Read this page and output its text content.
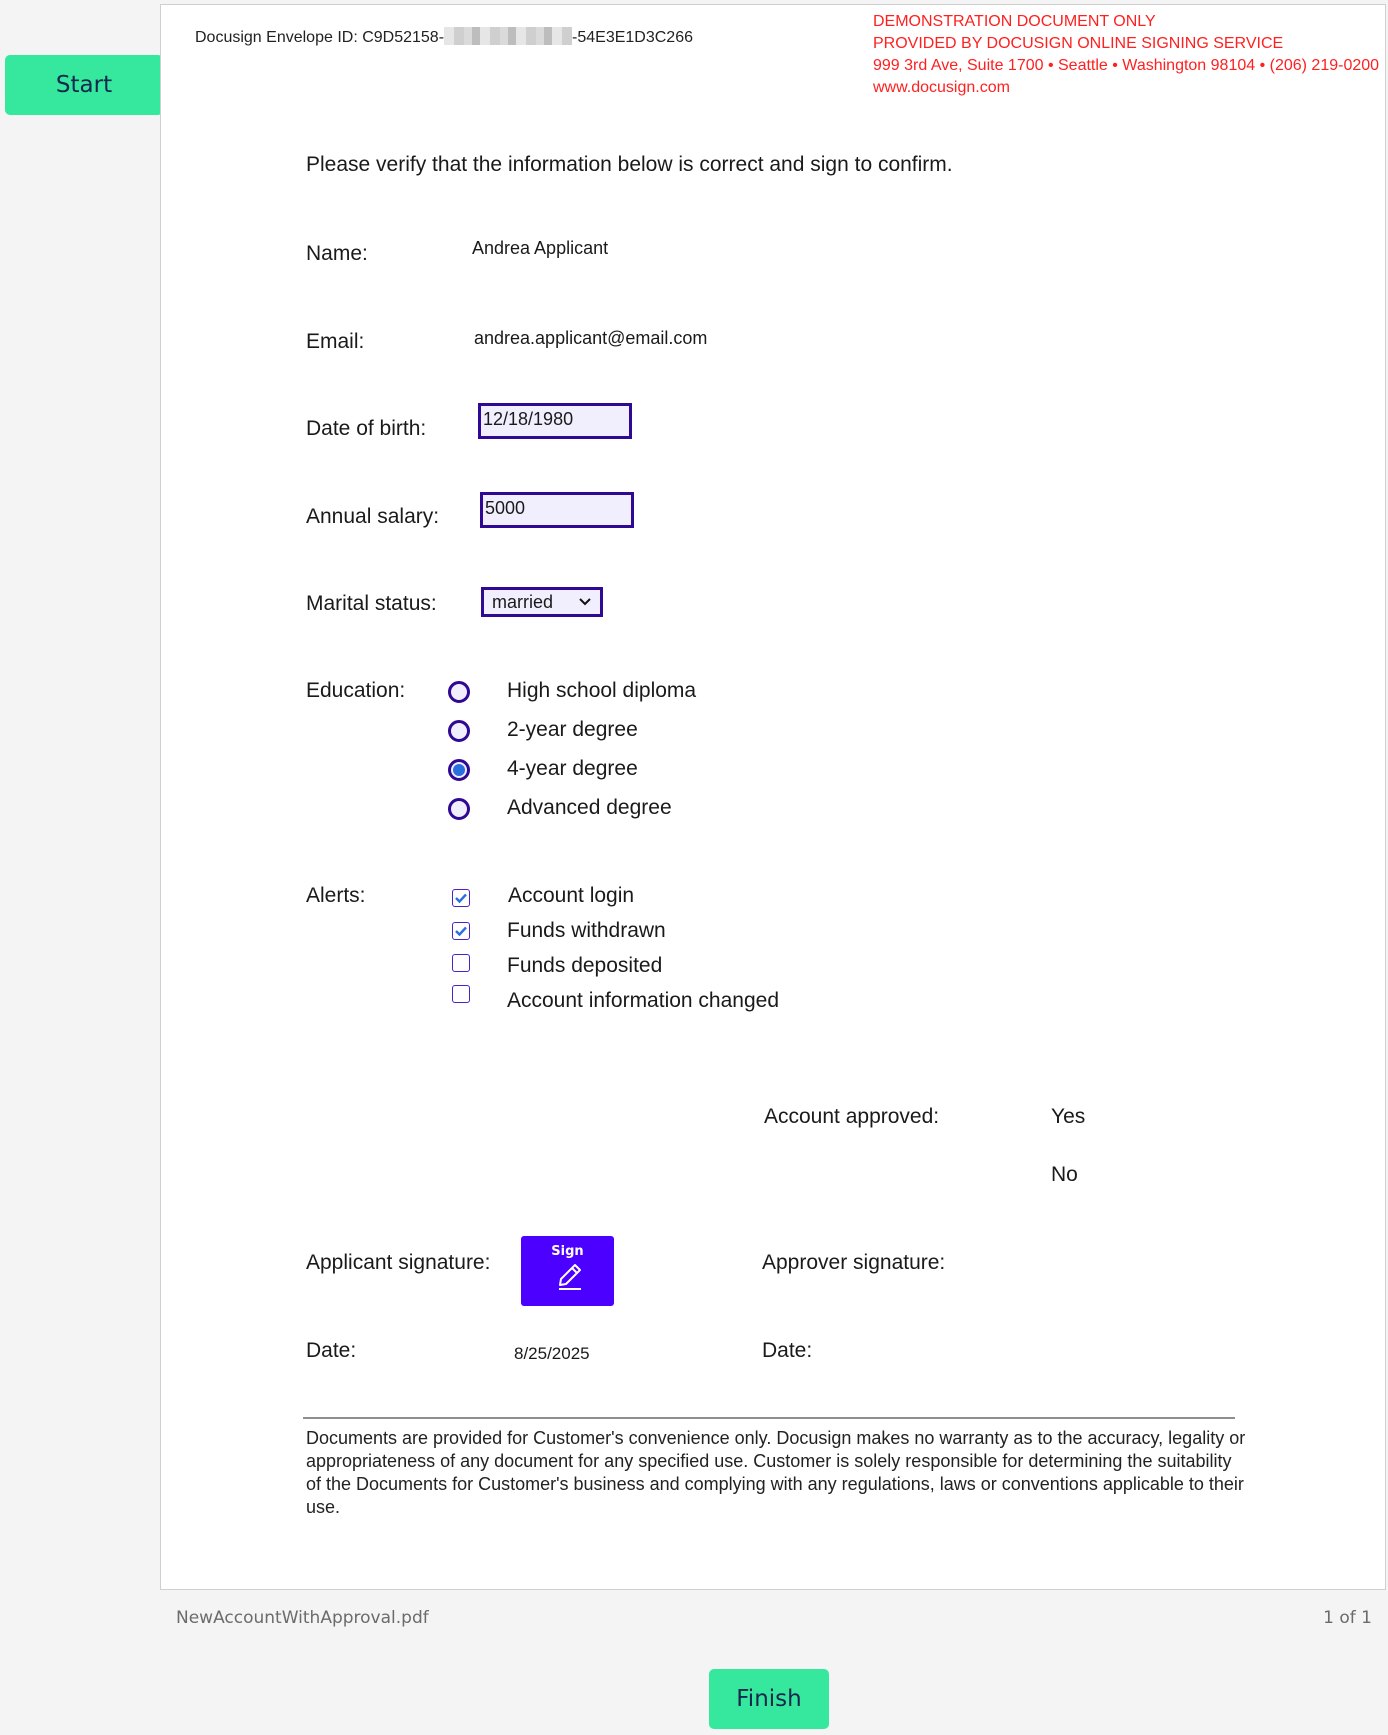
Start
Docusign Envelope ID: C9D52158-	-54E3E1D3C266
DEMONSTRATION DOCUMENT ONLY
PROVIDED BY DOCUSIGN ONLINE SIGNING SERVICE
999 3rd Ave, Suite 1700 • Seattle • Washington 98104 • (206) 219-0200
www.docusign.com
Please verify that the information below is correct and sign to confirm.
Name:	Andrea Applicant
Email:	andrea.applicant@email.com
Date of birth:	12/18/1980
Annual salary:	5000
Marital status:	married
Education:	High school diploma
2-year degree
4-year degree
Advanced degree
Alerts:	Account login
Funds withdrawn
Funds deposited
Account information changed
Account approved:	Yes
No
Applicant signature:	Sign	Approver signature:
Date:	8/25/2025	Date:
Documents are provided for Customer's convenience only. Docusign makes no warranty as to the accuracy, legality or appropriateness of any document for any specified use. Customer is solely responsible for determining the suitability of the Documents for Customer's business and complying with any regulations, laws or conventions applicable to their use.
NewAccountWithApproval.pdf	1 of 1
Finish
